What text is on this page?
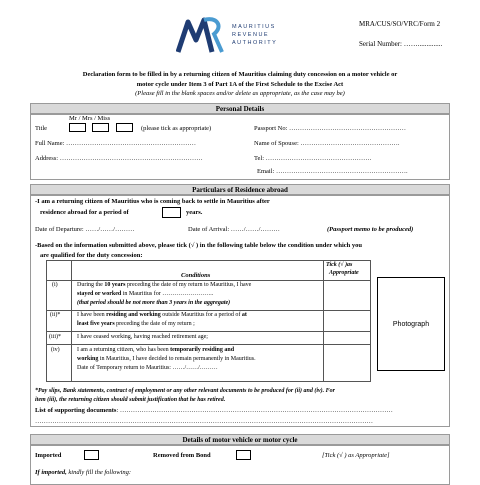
MRA/CUS/SO/VRC/Form 2
Serial Number: ……..............
MAURITIUS
REVENUE
AUTHORITY
Declaration form to be filled in by a returning citizen of Mauritius claiming duty concession on a motor vehicle or
motor cycle under Item 3 of Part 1A of the First Schedule to the Excise Act
(Please fill in the blank spaces and/or delete as appropriate, as the case may be)
Personal Details
Mr / Mrs / Miss
Title	(please tick as appropriate)	Passport No: ………………………………………………
Full Name: ……………………………………………………	Name of Spouse: ……………………………………….
Address: …………………………………………………………	Tel: ………………………………………….
Email: …………………………………………………….
Particulars of Residence abroad
-I am a returning citizen of Mauritius who is coming back to settle in Mauritius after
residence abroad for a period of	years.
Date of Departure: ……/……/………	Date of Arrival: ……/……/………	(Passport memo to be produced)
-Based on the information submitted above, please tick (√ ) in the following table below the condition under which you
are qualified for the duty concession:
Conditions
Tick (√ )as
Appropriate
(i)	During the 10 years preceding the date of my return to Mauritius, I have
stayed or worked in Mauritius for ……………………..
(that period should be not more than 3 years in the aggregate)
(ii)*	I have been residing and working outside Mauritius for a period of at
least five years preceding the date of my return ;
(iii)*	I have ceased working, having reached retirement age;
(iv)	I am a returning citizen, who has been temporarily residing and
working in Mauritius, I have decided to remain permanently in Mauritius.
Date of Temporary return to Mauritius: ……/……/………
Photograph
*Pay slips, Bank statements, contract of employment or any other relevant documents to be produced for (ii) and (iv). For
item (iii), the returning citizen should submit justification that he has retired.
List of supporting documents: ………………………………………………………………………………………………………………
…………………………………………………………………………………………………………………………………………
Details of motor vehicle or motor cycle
Imported	Removed from Bond	[Tick (√ ) as Appropriate]
If imported, kindly fill the following:
